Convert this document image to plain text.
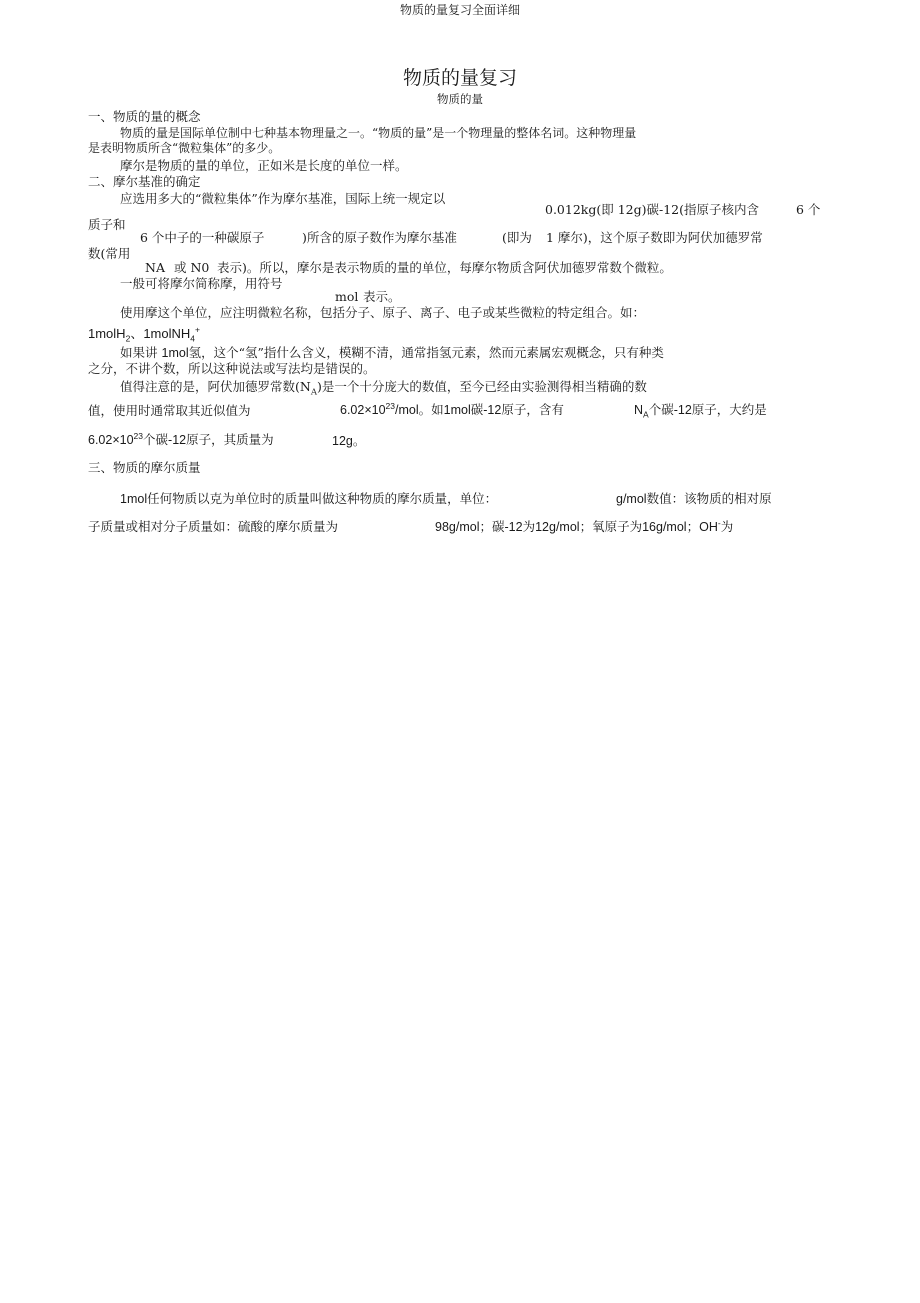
物质的量复习全面详细
物质的量复习
物质的量
一、物质的量的概念
物质的量是国际单位制中七种基本物理量之一。“物质的量”是一个物理量的整体名词。这种物理量
是表明物质所含“微粒集体”的多少。
摩尔是物质的量的单位，正如米是长度的单位一样。
二、摩尔基准的确定
应选用多大的“微粒集体”作为摩尔基准，国际上统一规定以
0.012kg(即 12g)碳-12(指原子核内含	6 个
质子和
6 个中子的一种碳原子	)所含的原子数作为摩尔基准	(即为 1 摩尔)，这个原子数即为阿伏加德罗常
数(常用
NA 或 N0 表示)。所以，摩尔是表示物质的量的单位，每摩尔物质含阿伏加德罗常数个微粒。
一般可将摩尔简称摩，用符号
mol 表示。
使用摩这个单位，应注明微粒名称，包括分子、原子、离子、电子或某些微粒的特定组合。如：
1molH$_2$、1molNH$_4$+
如果讲 1mol氢，这个“氢”指什么含义，模糊不清，通常指氢元素，然而元素属宏观概念，只有种类
之分，不讲个数，所以这种说法或写法均是错误的。
值得注意的是，阿伏加德罗常数$(N_A)$是一个十分庞大的数值，至今已经由实验测得相当精确的数
值，使用时通常取其近似值为	$6.02\times 10^{23}$/mol。如1mol碳-12原子，含有	$N_A$个碳-12原子，大约是
$6.02\times 10^{23}$个碳-12原子，其质量为	12g。
三、物质的摩尔质量
1mol任何物质以克为单位时的质量叫做这种物质的摩尔质量，单位：	g/mol数值：该物质的相对原
子质量或相对分子质量如：硫酸的摩尔质量为	98g/mol；碳-12为12g/mol；氧原子为16g/mol；OH-为
